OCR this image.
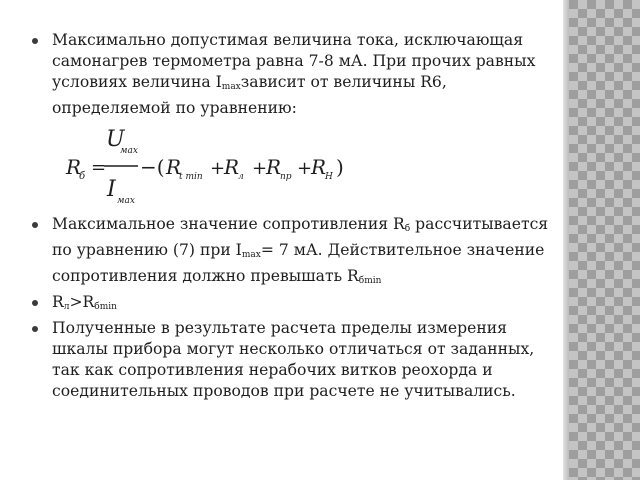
Максимально допустимая величина тока, исключающая самонагрев термометра равна 7-8 мА. При прочих равных условиях величина $I_{max}зависит$ от величины R6, определяемой по уравнению:
R
б =
U
мах
I мах
−( R
t min +
R
л +
R
пр +
R
H )
Максимальное значение сопротивления $R_б$ рассчитывается по уравнению (7) при $I_{max}= 7$ мА. Действительное значение сопротивления должно превышать $R_{бmin}$
$R_л>R_{бmin}$
Полученные в результате расчета пределы измерения шкалы прибора могут несколько отличаться от заданных, так как сопротивления нерабочих витков реохорда и соединительных проводов при расчете не учитывались.
